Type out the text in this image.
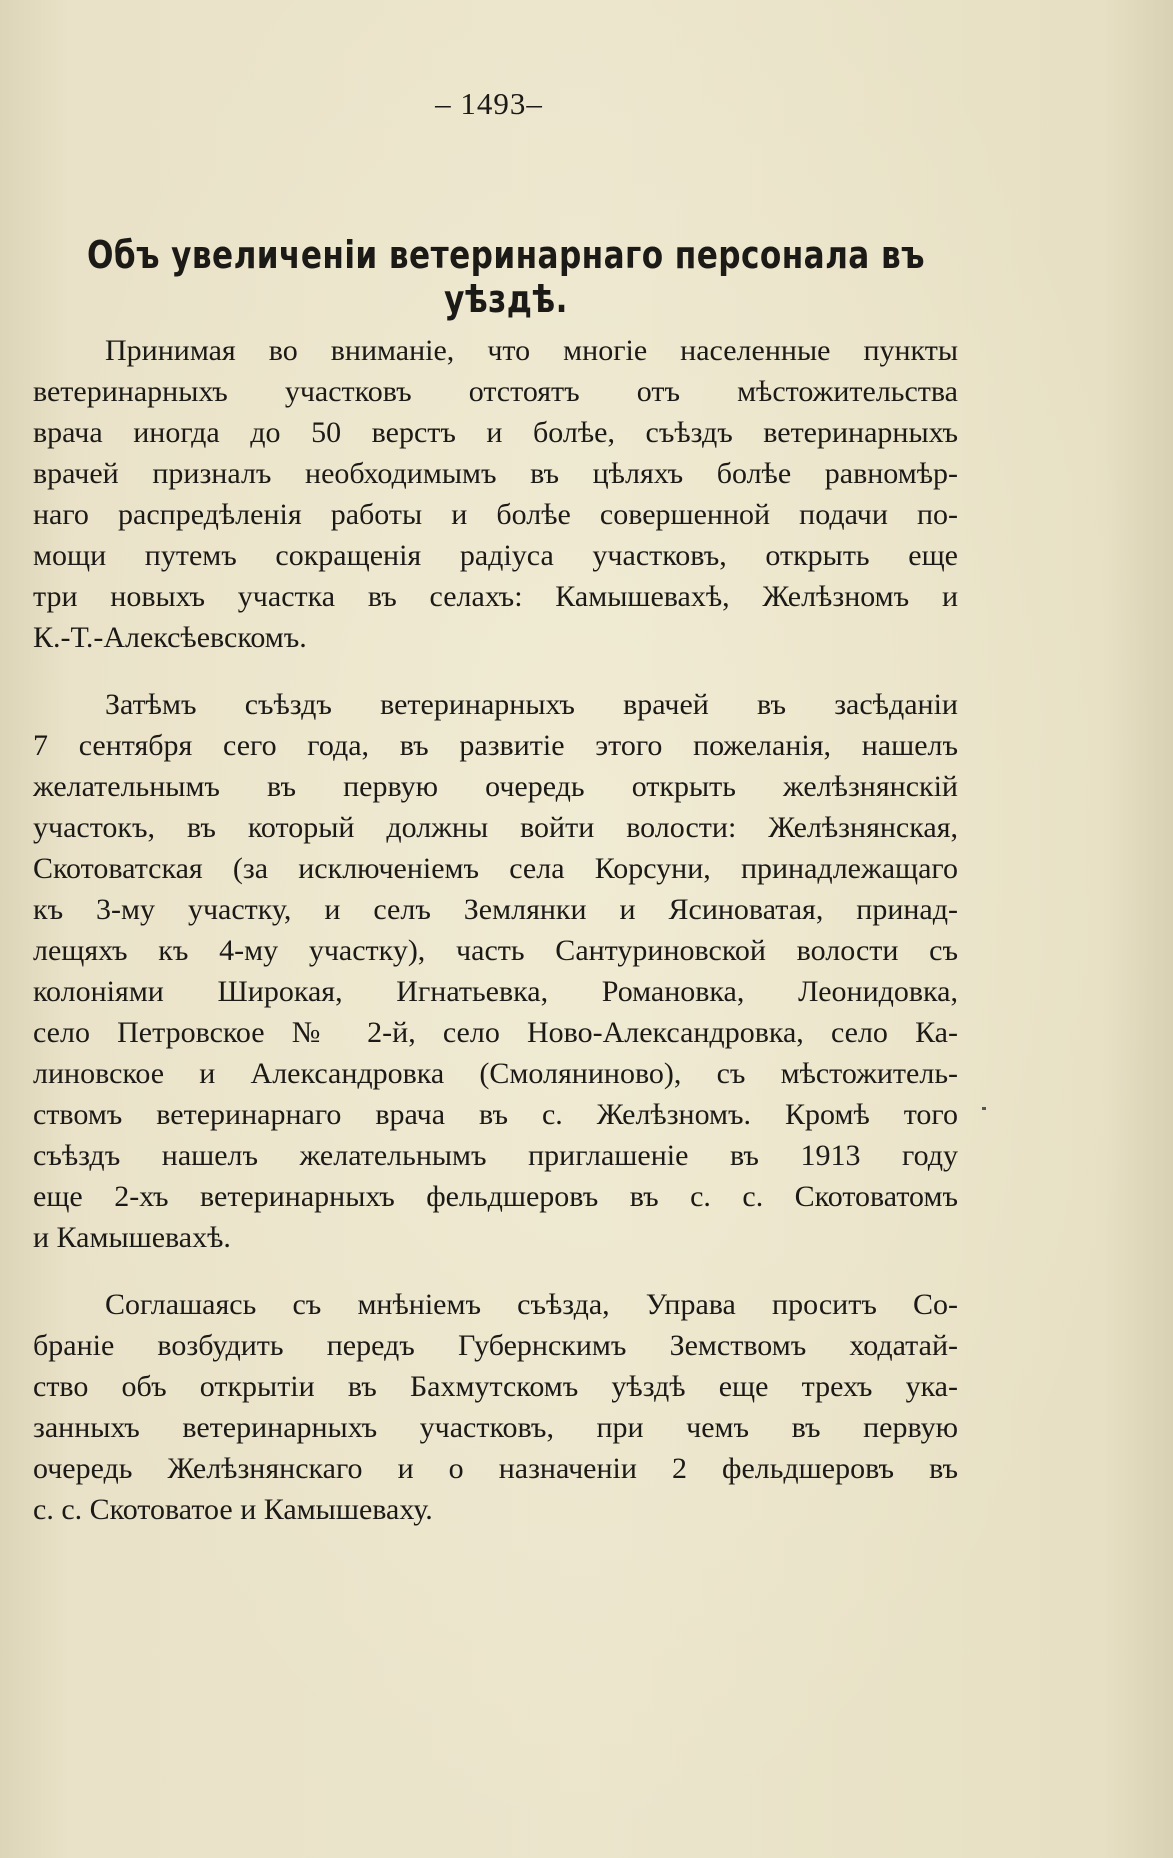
– 1493–
Объ увеличеніи ветеринарнаго персонала въ уѣздѣ.
Принимая во вниманіе, что многіе населенные пункты
ветеринарныхъ участковъ отстоятъ отъ мѣстожительства
врача иногда до 50 верстъ и болѣе, съѣздъ ветеринарныхъ
врачей призналъ необходимымъ въ цѣляхъ болѣе равномѣр-
наго распредѣленія работы и болѣе совершенной подачи по-
мощи путемъ сокращенія радіуса участковъ, открыть еще
три новыхъ участка въ селахъ: Камышевахѣ, Желѣзномъ и
К.-Т.-Алексѣевскомъ.
Затѣмъ съѣздъ ветеринарныхъ врачей въ засѣданіи
7 сентября сего года, въ развитіе этого пожеланія, нашелъ
желательнымъ въ первую очередь открыть желѣзнянскій
участокъ, въ который должны войти волости: Желѣзнянская,
Скотоватская (за исключеніемъ села Корсуни, принадлежащаго
къ 3-му участку, и селъ Землянки и Ясиноватая, принад-
лещяхъ къ 4-му участку), часть Сантуриновской волости съ
колоніями Широкая, Игнатьевка, Романовка, Леонидовка,
село Петровское № 2-й, село Ново-Александровка, село Ка-
линовское и Александровка (Смоляниново), съ мѣстожитель-
ствомъ ветеринарнаго врача въ с. Желѣзномъ. Кромѣ того
съѣздъ нашелъ желательнымъ приглашеніе въ 1913 году
еще 2-хъ ветеринарныхъ фельдшеровъ въ с. с. Скотоватомъ
и Камышевахѣ.
Соглашаясь съ мнѣніемъ съѣзда, Управа проситъ Со-
браніе возбудить передъ Губернскимъ Земствомъ ходатай-
ство объ открытіи въ Бахмутскомъ уѣздѣ еще трехъ ука-
занныхъ ветеринарныхъ участковъ, при чемъ въ первую
очередь Желѣзнянскаго и о назначеніи 2 фельдшеровъ въ
с. с. Скотоватое и Камышеваху.
